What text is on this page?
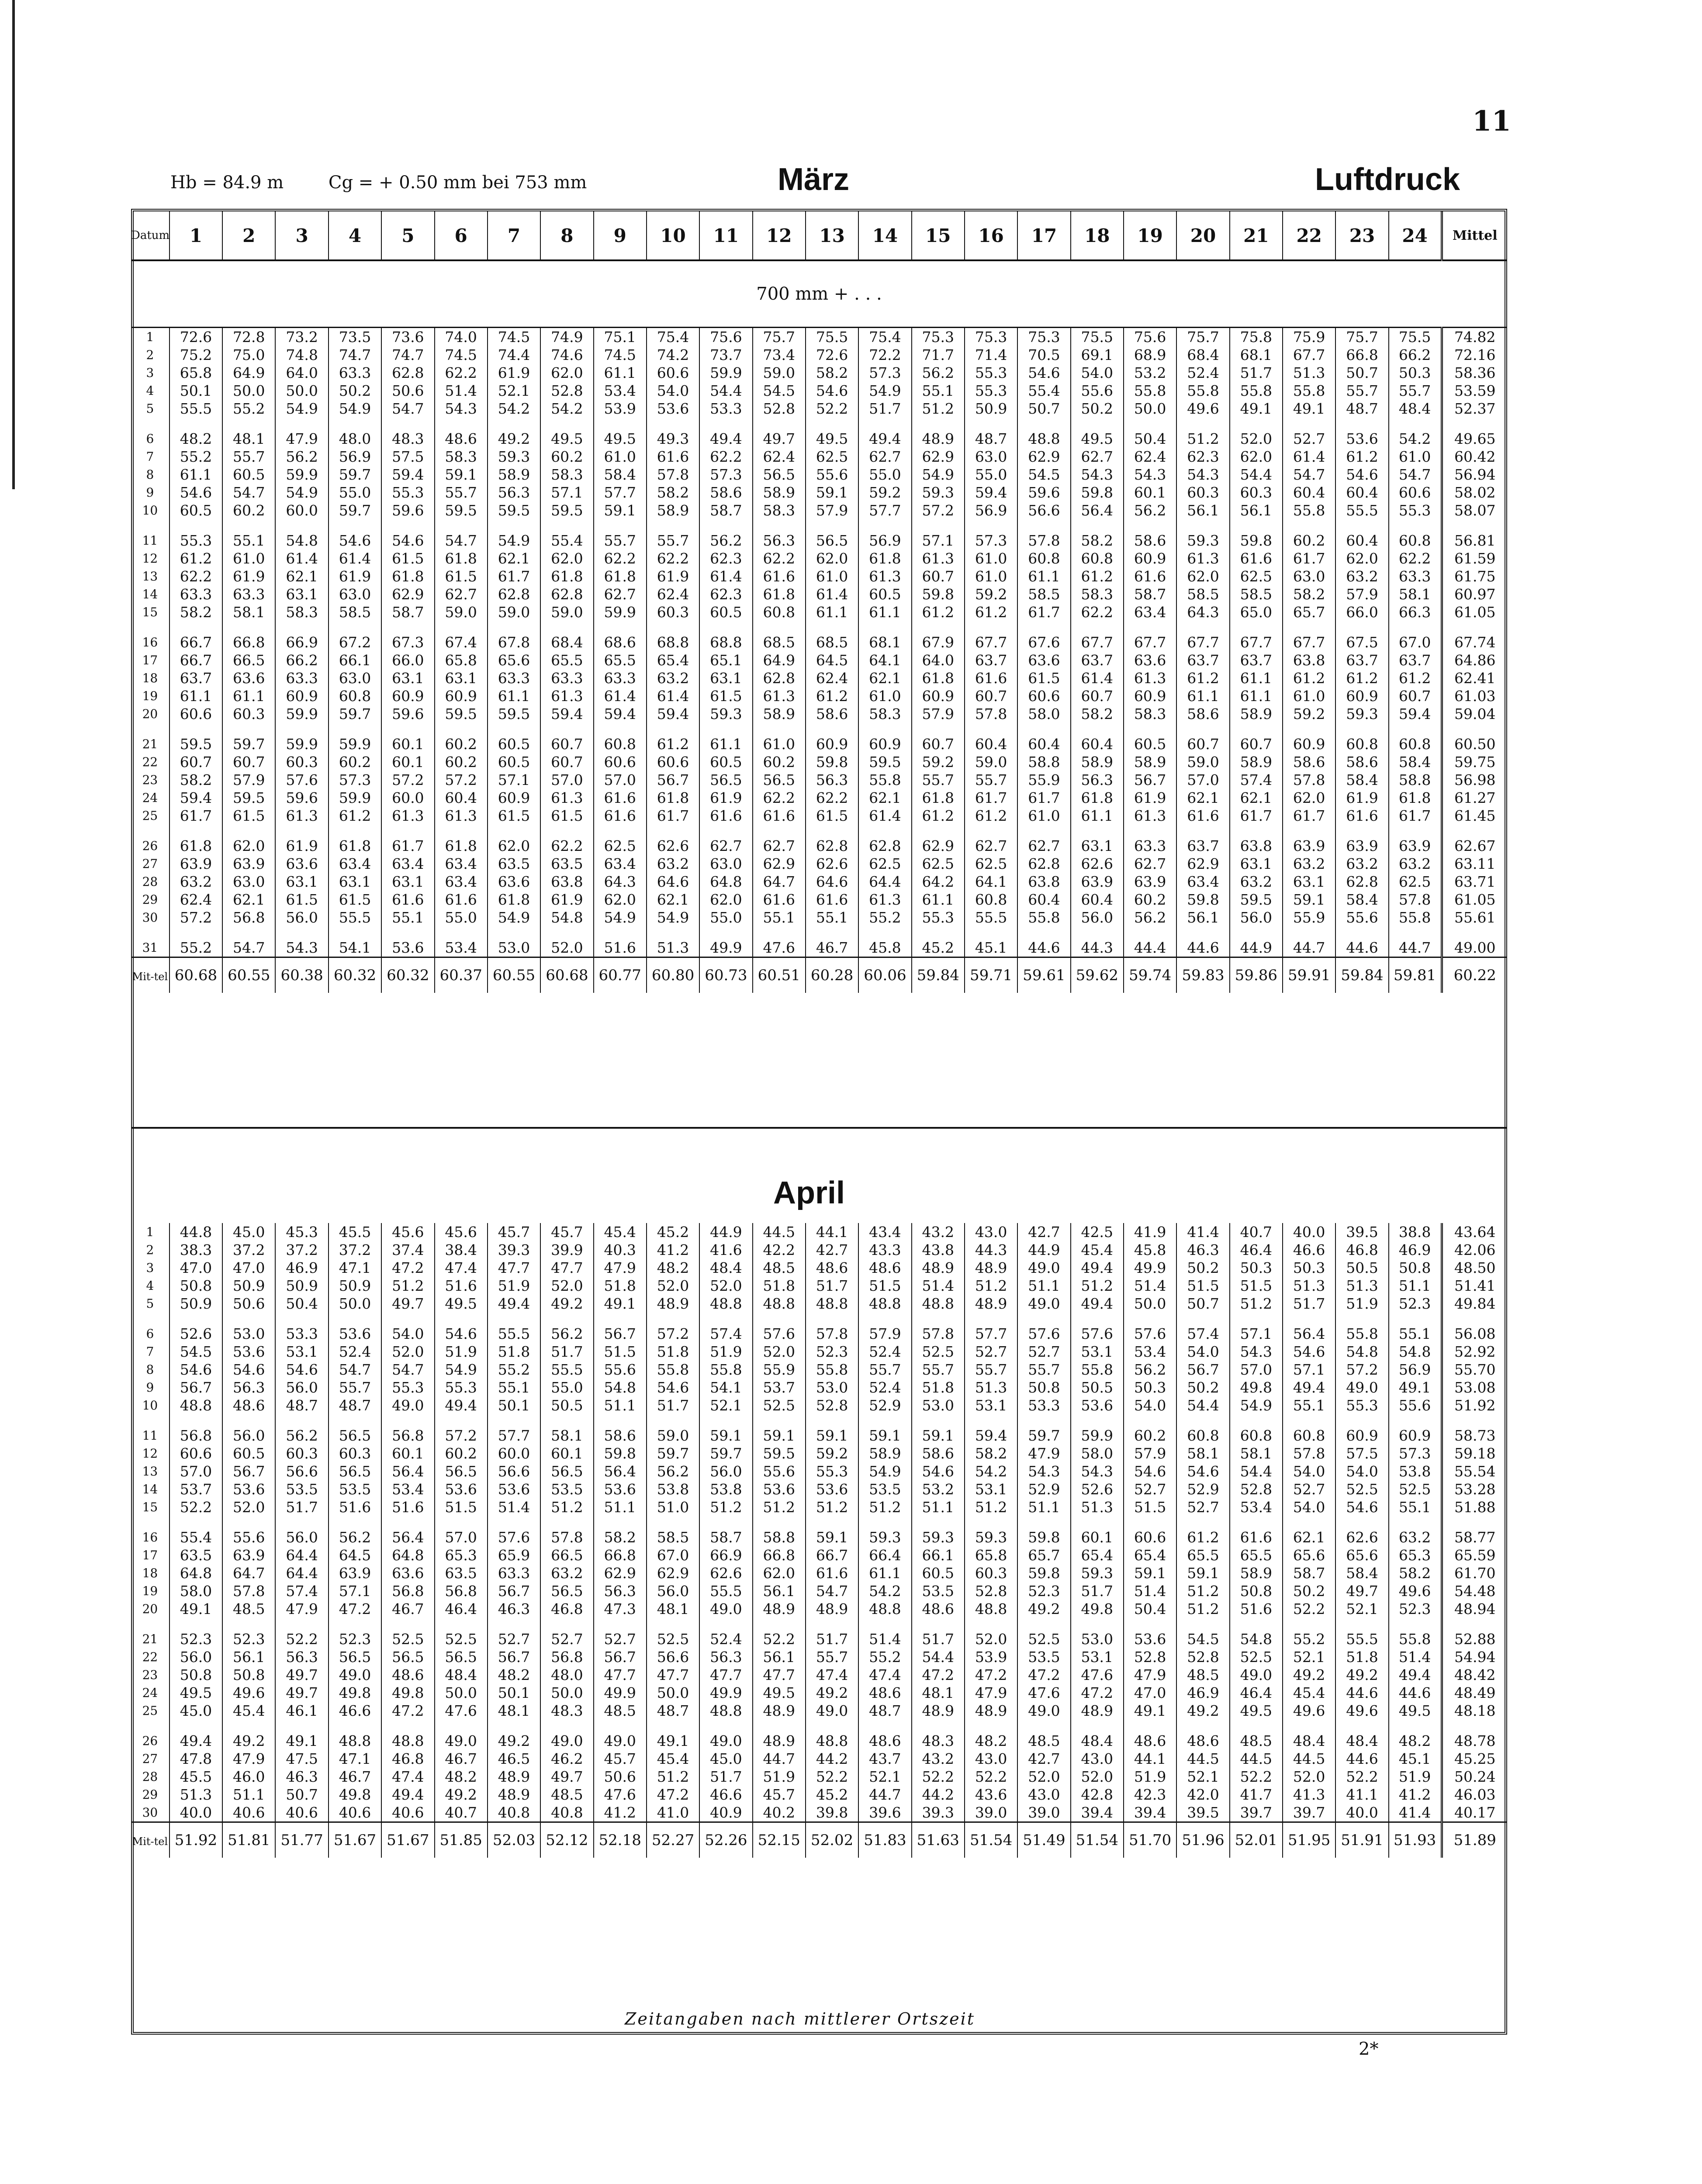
11
Hb = 84.9 m	Cg = + 0.50 mm bei 753 mm	März	Luftdruck
Datum	1	2	3	4	5	6	7	8	9	10	11	12	13	14	15	16	17	18	19	20	21	22	23	24	Mittel
700 mm + . . .																									
1	72.6	72.8	73.2	73.5	73.6	74.0	74.5	74.9	75.1	75.4	75.6	75.7	75.5	75.4	75.3	75.3	75.3	75.5	75.6	75.7	75.8	75.9	75.7	75.5	74.82
2	75.2	75.0	74.8	74.7	74.7	74.5	74.4	74.6	74.5	74.2	73.7	73.4	72.6	72.2	71.7	71.4	70.5	69.1	68.9	68.4	68.1	67.7	66.8	66.2	72.16
3	65.8	64.9	64.0	63.3	62.8	62.2	61.9	62.0	61.1	60.6	59.9	59.0	58.2	57.3	56.2	55.3	54.6	54.0	53.2	52.4	51.7	51.3	50.7	50.3	58.36
4	50.1	50.0	50.0	50.2	50.6	51.4	52.1	52.8	53.4	54.0	54.4	54.5	54.6	54.9	55.1	55.3	55.4	55.6	55.8	55.8	55.8	55.8	55.7	55.7	53.59
5	55.5	55.2	54.9	54.9	54.7	54.3	54.2	54.2	53.9	53.6	53.3	52.8	52.2	51.7	51.2	50.9	50.7	50.2	50.0	49.6	49.1	49.1	48.7	48.4	52.37

6	48.2	48.1	47.9	48.0	48.3	48.6	49.2	49.5	49.5	49.3	49.4	49.7	49.5	49.4	48.9	48.7	48.8	49.5	50.4	51.2	52.0	52.7	53.6	54.2	49.65
7	55.2	55.7	56.2	56.9	57.5	58.3	59.3	60.2	61.0	61.6	62.2	62.4	62.5	62.7	62.9	63.0	62.9	62.7	62.4	62.3	62.0	61.4	61.2	61.0	60.42
8	61.1	60.5	59.9	59.7	59.4	59.1	58.9	58.3	58.4	57.8	57.3	56.5	55.6	55.0	54.9	55.0	54.5	54.3	54.3	54.3	54.4	54.7	54.6	54.7	56.94
9	54.6	54.7	54.9	55.0	55.3	55.7	56.3	57.1	57.7	58.2	58.6	58.9	59.1	59.2	59.3	59.4	59.6	59.8	60.1	60.3	60.3	60.4	60.4	60.6	58.02
10	60.5	60.2	60.0	59.7	59.6	59.5	59.5	59.5	59.1	58.9	58.7	58.3	57.9	57.7	57.2	56.9	56.6	56.4	56.2	56.1	56.1	55.8	55.5	55.3	58.07

11	55.3	55.1	54.8	54.6	54.6	54.7	54.9	55.4	55.7	55.7	56.2	56.3	56.5	56.9	57.1	57.3	57.8	58.2	58.6	59.3	59.8	60.2	60.4	60.8	56.81
12	61.2	61.0	61.4	61.4	61.5	61.8	62.1	62.0	62.2	62.2	62.3	62.2	62.0	61.8	61.3	61.0	60.8	60.8	60.9	61.3	61.6	61.7	62.0	62.2	61.59
13	62.2	61.9	62.1	61.9	61.8	61.5	61.7	61.8	61.8	61.9	61.4	61.6	61.0	61.3	60.7	61.0	61.1	61.2	61.6	62.0	62.5	63.0	63.2	63.3	61.75
14	63.3	63.3	63.1	63.0	62.9	62.7	62.8	62.8	62.7	62.4	62.3	61.8	61.4	60.5	59.8	59.2	58.5	58.3	58.7	58.5	58.5	58.2	57.9	58.1	60.97
15	58.2	58.1	58.3	58.5	58.7	59.0	59.0	59.0	59.9	60.3	60.5	60.8	61.1	61.1	61.2	61.2	61.7	62.2	63.4	64.3	65.0	65.7	66.0	66.3	61.05

16	66.7	66.8	66.9	67.2	67.3	67.4	67.8	68.4	68.6	68.8	68.8	68.5	68.5	68.1	67.9	67.7	67.6	67.7	67.7	67.7	67.7	67.7	67.5	67.0	67.74
17	66.7	66.5	66.2	66.1	66.0	65.8	65.6	65.5	65.5	65.4	65.1	64.9	64.5	64.1	64.0	63.7	63.6	63.7	63.6	63.7	63.7	63.8	63.7	63.7	64.86
18	63.7	63.6	63.3	63.0	63.1	63.1	63.3	63.3	63.3	63.2	63.1	62.8	62.4	62.1	61.8	61.6	61.5	61.4	61.3	61.2	61.1	61.2	61.2	61.2	62.41
19	61.1	61.1	60.9	60.8	60.9	60.9	61.1	61.3	61.4	61.4	61.5	61.3	61.2	61.0	60.9	60.7	60.6	60.7	60.9	61.1	61.1	61.0	60.9	60.7	61.03
20	60.6	60.3	59.9	59.7	59.6	59.5	59.5	59.4	59.4	59.4	59.3	58.9	58.6	58.3	57.9	57.8	58.0	58.2	58.3	58.6	58.9	59.2	59.3	59.4	59.04

21	59.5	59.7	59.9	59.9	60.1	60.2	60.5	60.7	60.8	61.2	61.1	61.0	60.9	60.9	60.7	60.4	60.4	60.4	60.5	60.7	60.7	60.9	60.8	60.8	60.50
22	60.7	60.7	60.3	60.2	60.1	60.2	60.5	60.7	60.6	60.6	60.5	60.2	59.8	59.5	59.2	59.0	58.8	58.9	58.9	59.0	58.9	58.6	58.6	58.4	59.75
23	58.2	57.9	57.6	57.3	57.2	57.2	57.1	57.0	57.0	56.7	56.5	56.5	56.3	55.8	55.7	55.7	55.9	56.3	56.7	57.0	57.4	57.8	58.4	58.8	56.98
24	59.4	59.5	59.6	59.9	60.0	60.4	60.9	61.3	61.6	61.8	61.9	62.2	62.2	62.1	61.8	61.7	61.7	61.8	61.9	62.1	62.1	62.0	61.9	61.8	61.27
25	61.7	61.5	61.3	61.2	61.3	61.3	61.5	61.5	61.6	61.7	61.6	61.6	61.5	61.4	61.2	61.2	61.0	61.1	61.3	61.6	61.7	61.7	61.6	61.7	61.45

26	61.8	62.0	61.9	61.8	61.7	61.8	62.0	62.2	62.5	62.6	62.7	62.7	62.8	62.8	62.9	62.7	62.7	63.1	63.3	63.7	63.8	63.9	63.9	63.9	62.67
27	63.9	63.9	63.6	63.4	63.4	63.4	63.5	63.5	63.4	63.2	63.0	62.9	62.6	62.5	62.5	62.5	62.8	62.6	62.7	62.9	63.1	63.2	63.2	63.2	63.11
28	63.2	63.0	63.1	63.1	63.1	63.4	63.6	63.8	64.3	64.6	64.8	64.7	64.6	64.4	64.2	64.1	63.8	63.9	63.9	63.4	63.2	63.1	62.8	62.5	63.71
29	62.4	62.1	61.5	61.5	61.6	61.6	61.8	61.9	62.0	62.1	62.0	61.6	61.6	61.3	61.1	60.8	60.4	60.4	60.2	59.8	59.5	59.1	58.4	57.8	61.05
30	57.2	56.8	56.0	55.5	55.1	55.0	54.9	54.8	54.9	54.9	55.0	55.1	55.1	55.2	55.3	55.5	55.8	56.0	56.2	56.1	56.0	55.9	55.6	55.8	55.61

31	55.2	54.7	54.3	54.1	53.6	53.4	53.0	52.0	51.6	51.3	49.9	47.6	46.7	45.8	45.2	45.1	44.6	44.3	44.4	44.6	44.9	44.7	44.6	44.7	49.00
Mit-tel	60.68	60.55	60.38	60.32	60.32	60.37	60.55	60.68	60.77	60.80	60.73	60.51	60.28	60.06	59.84	59.71	59.61	59.62	59.74	59.83	59.86	59.91	59.84	59.81	60.22
April
1	44.8	45.0	45.3	45.5	45.6	45.6	45.7	45.7	45.4	45.2	44.9	44.5	44.1	43.4	43.2	43.0	42.7	42.5	41.9	41.4	40.7	40.0	39.5	38.8	43.64
2	38.3	37.2	37.2	37.2	37.4	38.4	39.3	39.9	40.3	41.2	41.6	42.2	42.7	43.3	43.8	44.3	44.9	45.4	45.8	46.3	46.4	46.6	46.8	46.9	42.06
3	47.0	47.0	46.9	47.1	47.2	47.4	47.7	47.7	47.9	48.2	48.4	48.5	48.6	48.6	48.9	48.9	49.0	49.4	49.9	50.2	50.3	50.3	50.5	50.8	48.50
4	50.8	50.9	50.9	50.9	51.2	51.6	51.9	52.0	51.8	52.0	52.0	51.8	51.7	51.5	51.4	51.2	51.1	51.2	51.4	51.5	51.5	51.3	51.3	51.1	51.41
5	50.9	50.6	50.4	50.0	49.7	49.5	49.4	49.2	49.1	48.9	48.8	48.8	48.8	48.8	48.8	48.9	49.0	49.4	50.0	50.7	51.2	51.7	51.9	52.3	49.84

6	52.6	53.0	53.3	53.6	54.0	54.6	55.5	56.2	56.7	57.2	57.4	57.6	57.8	57.9	57.8	57.7	57.6	57.6	57.6	57.4	57.1	56.4	55.8	55.1	56.08
7	54.5	53.6	53.1	52.4	52.0	51.9	51.8	51.7	51.5	51.8	51.9	52.0	52.3	52.4	52.5	52.7	52.7	53.1	53.4	54.0	54.3	54.6	54.8	54.8	52.92
8	54.6	54.6	54.6	54.7	54.7	54.9	55.2	55.5	55.6	55.8	55.8	55.9	55.8	55.7	55.7	55.7	55.7	55.8	56.2	56.7	57.0	57.1	57.2	56.9	55.70
9	56.7	56.3	56.0	55.7	55.3	55.3	55.1	55.0	54.8	54.6	54.1	53.7	53.0	52.4	51.8	51.3	50.8	50.5	50.3	50.2	49.8	49.4	49.0	49.1	53.08
10	48.8	48.6	48.7	48.7	49.0	49.4	50.1	50.5	51.1	51.7	52.1	52.5	52.8	52.9	53.0	53.1	53.3	53.6	54.0	54.4	54.9	55.1	55.3	55.6	51.92

11	56.8	56.0	56.2	56.5	56.8	57.2	57.7	58.1	58.6	59.0	59.1	59.1	59.1	59.1	59.1	59.4	59.7	59.9	60.2	60.8	60.8	60.8	60.9	60.9	58.73
12	60.6	60.5	60.3	60.3	60.1	60.2	60.0	60.1	59.8	59.7	59.7	59.5	59.2	58.9	58.6	58.2	47.9	58.0	57.9	58.1	58.1	57.8	57.5	57.3	59.18
13	57.0	56.7	56.6	56.5	56.4	56.5	56.6	56.5	56.4	56.2	56.0	55.6	55.3	54.9	54.6	54.2	54.3	54.3	54.6	54.6	54.4	54.0	54.0	53.8	55.54
14	53.7	53.6	53.5	53.5	53.4	53.6	53.6	53.5	53.6	53.8	53.8	53.6	53.6	53.5	53.2	53.1	52.9	52.6	52.7	52.9	52.8	52.7	52.5	52.5	53.28
15	52.2	52.0	51.7	51.6	51.6	51.5	51.4	51.2	51.1	51.0	51.2	51.2	51.2	51.2	51.1	51.2	51.1	51.3	51.5	52.7	53.4	54.0	54.6	55.1	51.88

16	55.4	55.6	56.0	56.2	56.4	57.0	57.6	57.8	58.2	58.5	58.7	58.8	59.1	59.3	59.3	59.3	59.8	60.1	60.6	61.2	61.6	62.1	62.6	63.2	58.77
17	63.5	63.9	64.4	64.5	64.8	65.3	65.9	66.5	66.8	67.0	66.9	66.8	66.7	66.4	66.1	65.8	65.7	65.4	65.4	65.5	65.5	65.6	65.6	65.3	65.59
18	64.8	64.7	64.4	63.9	63.6	63.5	63.3	63.2	62.9	62.9	62.6	62.0	61.6	61.1	60.5	60.3	59.8	59.3	59.1	59.1	58.9	58.7	58.4	58.2	61.70
19	58.0	57.8	57.4	57.1	56.8	56.8	56.7	56.5	56.3	56.0	55.5	56.1	54.7	54.2	53.5	52.8	52.3	51.7	51.4	51.2	50.8	50.2	49.7	49.6	54.48
20	49.1	48.5	47.9	47.2	46.7	46.4	46.3	46.8	47.3	48.1	49.0	48.9	48.9	48.8	48.6	48.8	49.2	49.8	50.4	51.2	51.6	52.2	52.1	52.3	48.94

21	52.3	52.3	52.2	52.3	52.5	52.5	52.7	52.7	52.7	52.5	52.4	52.2	51.7	51.4	51.7	52.0	52.5	53.0	53.6	54.5	54.8	55.2	55.5	55.8	52.88
22	56.0	56.1	56.3	56.5	56.5	56.5	56.7	56.8	56.7	56.6	56.3	56.1	55.7	55.2	54.4	53.9	53.5	53.1	52.8	52.8	52.5	52.1	51.8	51.4	54.94
23	50.8	50.8	49.7	49.0	48.6	48.4	48.2	48.0	47.7	47.7	47.7	47.7	47.4	47.4	47.2	47.2	47.2	47.6	47.9	48.5	49.0	49.2	49.2	49.4	48.42
24	49.5	49.6	49.7	49.8	49.8	50.0	50.1	50.0	49.9	50.0	49.9	49.5	49.2	48.6	48.1	47.9	47.6	47.2	47.0	46.9	46.4	45.4	44.6	44.6	48.49
25	45.0	45.4	46.1	46.6	47.2	47.6	48.1	48.3	48.5	48.7	48.8	48.9	49.0	48.7	48.9	48.9	49.0	48.9	49.1	49.2	49.5	49.6	49.6	49.5	48.18

26	49.4	49.2	49.1	48.8	48.8	49.0	49.2	49.0	49.0	49.1	49.0	48.9	48.8	48.6	48.3	48.2	48.5	48.4	48.6	48.6	48.5	48.4	48.4	48.2	48.78
27	47.8	47.9	47.5	47.1	46.8	46.7	46.5	46.2	45.7	45.4	45.0	44.7	44.2	43.7	43.2	43.0	42.7	43.0	44.1	44.5	44.5	44.5	44.6	45.1	45.25
28	45.5	46.0	46.3	46.7	47.4	48.2	48.9	49.7	50.6	51.2	51.7	51.9	52.2	52.1	52.2	52.2	52.0	52.0	51.9	52.1	52.2	52.0	52.2	51.9	50.24
29	51.3	51.1	50.7	49.8	49.4	49.2	48.9	48.5	47.6	47.2	46.6	45.7	45.2	44.7	44.2	43.6	43.0	42.8	42.3	42.0	41.7	41.3	41.1	41.2	46.03
30	40.0	40.6	40.6	40.6	40.6	40.7	40.8	40.8	41.2	41.0	40.9	40.2	39.8	39.6	39.3	39.0	39.0	39.4	39.4	39.5	39.7	39.7	40.0	41.4	40.17
Mit-tel	51.92	51.81	51.77	51.67	51.67	51.85	52.03	52.12	52.18	52.27	52.26	52.15	52.02	51.83	51.63	51.54	51.49	51.54	51.70	51.96	52.01	51.95	51.91	51.93	51.89
Zeitangaben nach mittlerer Ortszeit
2*
